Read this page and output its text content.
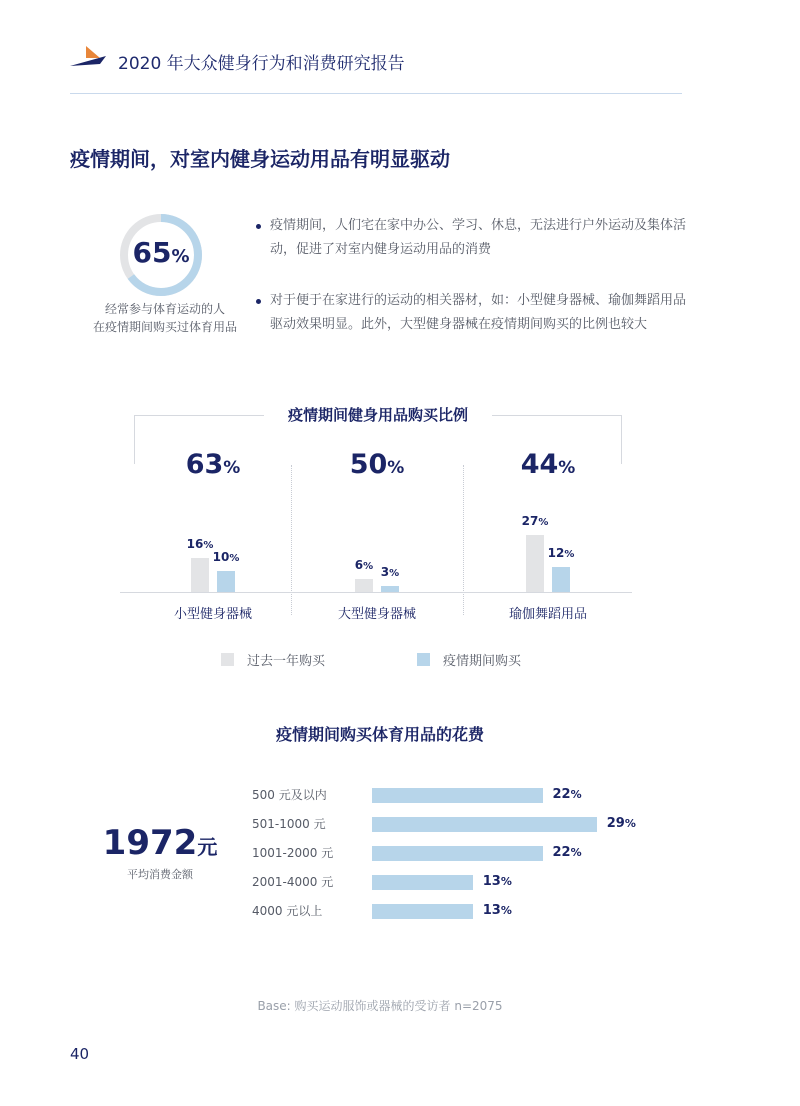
2020 年大众健身行为和消费研究报告
疫情期间，对室内健身运动用品有明显驱动
65%
经常参与体育运动的人
在疫情期间购买过体育用品
疫情期间，人们宅在家中办公、学习、休息，无法进行户外运动及集体活动，促进了对室内健身运动用品的消费
对于便于在家进行的运动的相关器材，如：小型健身器械、瑜伽舞蹈用品驱动效果明显。此外，大型健身器械在疫情期间购买的比例也较大
疫情期间健身用品购买比例
63%
16%
10%
小型健身器械
50%
6% 3%
大型健身器械
44%
27%
12%
瑜伽舞蹈用品
过去一年购买	疫情期间购买
疫情期间购买体育用品的花费
1972元
平均消费金额
500 元及以内	22%
501-1000 元	29%
1001-2000 元	22%
2001-4000 元	13%
4000 元以上	13%
Base: 购买运动服饰或器械的受访者 n=2075
40
